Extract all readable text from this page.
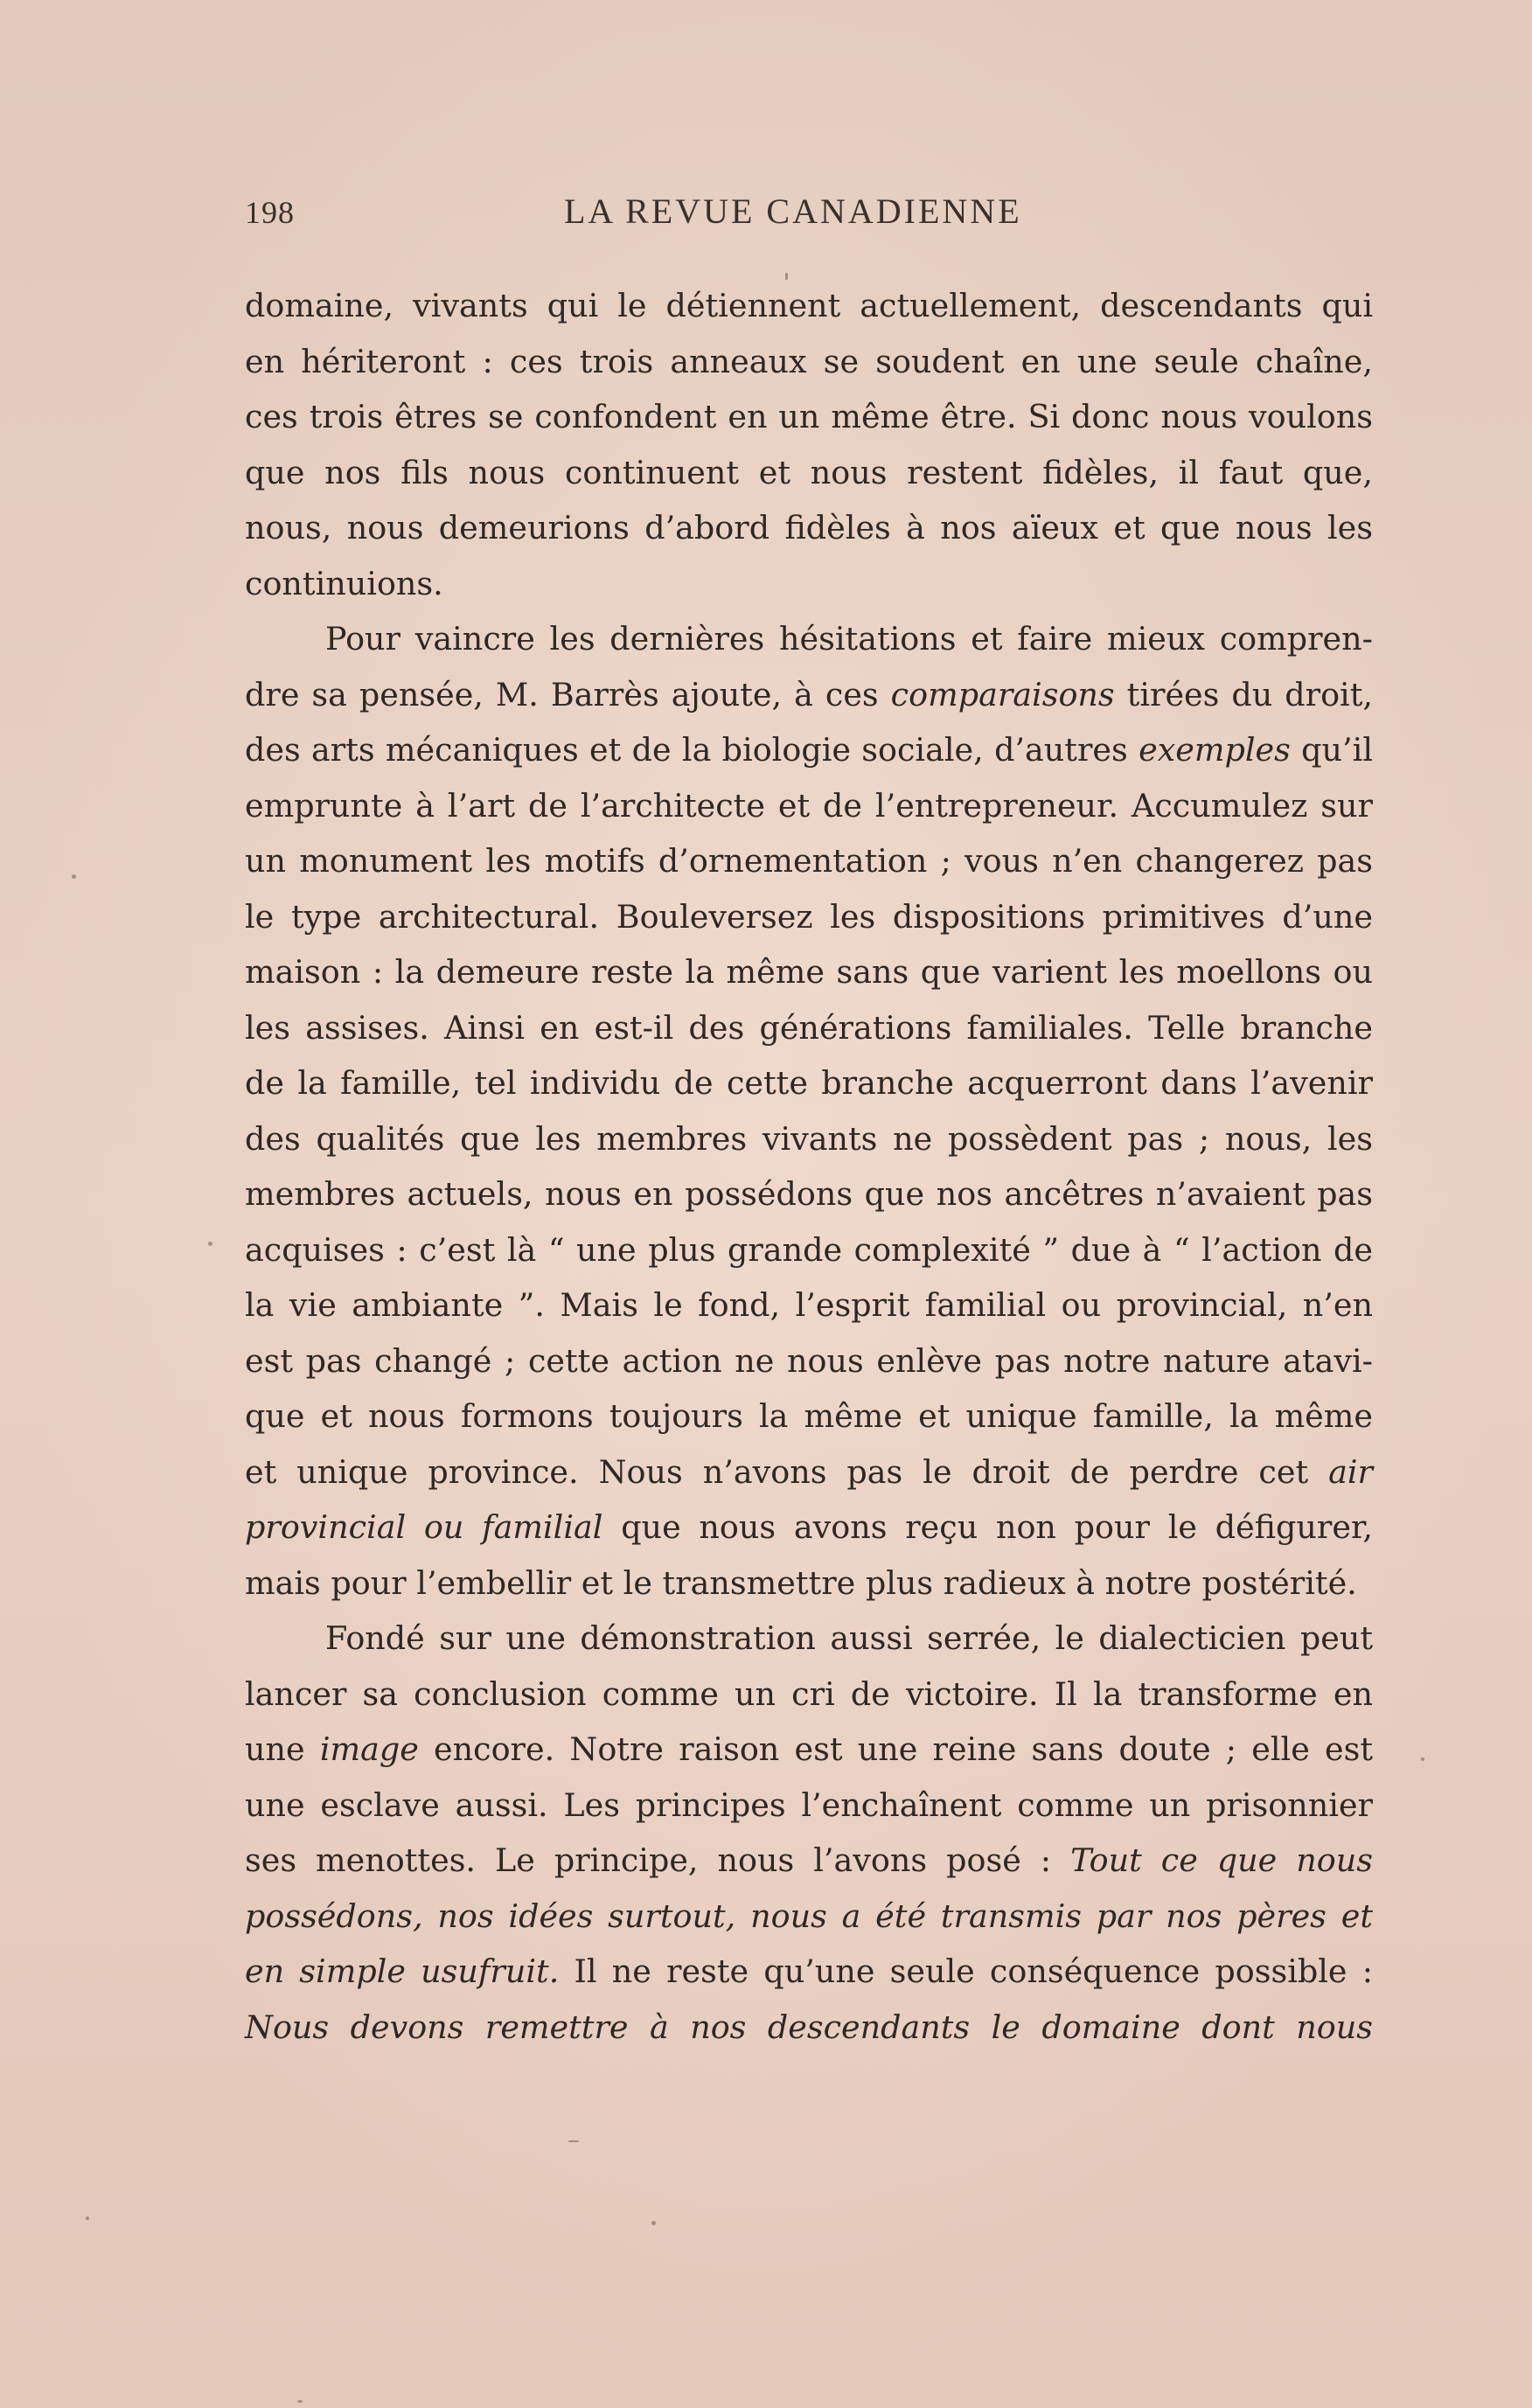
198	LA REVUE CANADIENNE
domaine, vivants qui le détiennent actuellement, descendants qui
en hériteront : ces trois anneaux se soudent en une seule chaîne,
ces trois êtres se confondent en un même être. Si donc nous voulons
que nos fils nous continuent et nous restent fidèles, il faut que,
nous, nous demeurions d’abord fidèles à nos aïeux et que nous les
continuions.
Pour vaincre les dernières hésitations et faire mieux compren-
dre sa pensée, M. Barrès ajoute, à ces comparaisons tirées du droit,
des arts mécaniques et de la biologie sociale, d’autres exemples qu’il
emprunte à l’art de l’architecte et de l’entrepreneur. Accumulez sur
un monument les motifs d’ornementation ; vous n’en changerez pas
le type architectural. Bouleversez les dispositions primitives d’une
maison : la demeure reste la même sans que varient les moellons ou
les assises. Ainsi en est-il des générations familiales. Telle branche
de la famille, tel individu de cette branche acquerront dans l’avenir
des qualités que les membres vivants ne possèdent pas ; nous, les
membres actuels, nous en possédons que nos ancêtres n’avaient pas
acquises : c’est là “ une plus grande complexité ” due à “ l’action de
la vie ambiante ”. Mais le fond, l’esprit familial ou provincial, n’en
est pas changé ; cette action ne nous enlève pas notre nature atavi-
que et nous formons toujours la même et unique famille, la même
et unique province. Nous n’avons pas le droit de perdre cet air
provincial ou familial que nous avons reçu non pour le défigurer,
mais pour l’embellir et le transmettre plus radieux à notre postérité.
Fondé sur une démonstration aussi serrée, le dialecticien peut
lancer sa conclusion comme un cri de victoire. Il la transforme en
une image encore. Notre raison est une reine sans doute ; elle est
une esclave aussi. Les principes l’enchaînent comme un prisonnier
ses menottes. Le principe, nous l’avons posé : Tout ce que nous
possédons, nos idées surtout, nous a été transmis par nos pères et
en simple usufruit. Il ne reste qu’une seule conséquence possible :
Nous devons remettre à nos descendants le domaine dont nous
